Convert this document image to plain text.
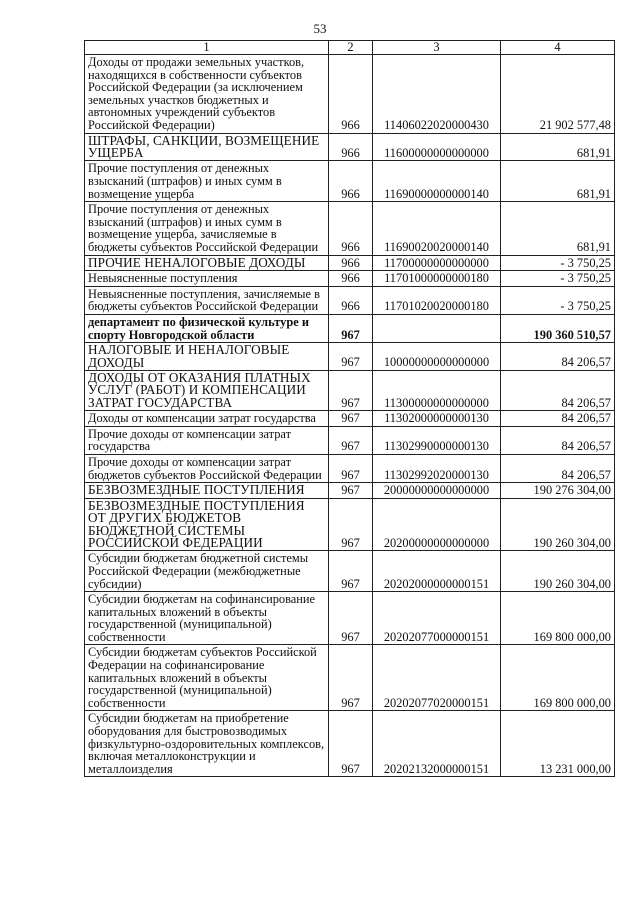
53
1	2	3	4
Доходы от продажи земельных участков, находящихся в собственности субъектов Российской Федерации (за исключением земельных участков бюджетных и автономных учреждений субъектов Российской Федерации)	966	11406022020000430	21 902 577,48
ШТРАФЫ, САНКЦИИ, ВОЗМЕЩЕНИЕ УЩЕРБА	966	11600000000000000	681,91
Прочие поступления от денежных взысканий (штрафов) и иных сумм в возмещение ущерба	966	11690000000000140	681,91
Прочие поступления от денежных взысканий (штрафов) и иных сумм в возмещение ущерба, зачисляемые в бюджеты субъектов Российской Федерации	966	11690020020000140	681,91
ПРОЧИЕ НЕНАЛОГОВЫЕ ДОХОДЫ	966	11700000000000000	- 3 750,25
Невыясненные поступления	966	11701000000000180	- 3 750,25
Невыясненные поступления, зачисляемые в бюджеты субъектов Российской Федерации	966	11701020020000180	- 3 750,25
департамент по физической культуре и спорту Новгородской области	967		190 360 510,57
НАЛОГОВЫЕ И НЕНАЛОГОВЫЕ ДОХОДЫ	967	10000000000000000	84 206,57
ДОХОДЫ ОТ ОКАЗАНИЯ ПЛАТНЫХ УСЛУГ (РАБОТ) И КОМПЕНСАЦИИ ЗАТРАТ ГОСУДАРСТВА	967	11300000000000000	84 206,57
Доходы от компенсации затрат государства	967	11302000000000130	84 206,57
Прочие доходы от компенсации затрат государства	967	11302990000000130	84 206,57
Прочие доходы от компенсации затрат бюджетов субъектов Российской Федерации	967	11302992020000130	84 206,57
БЕЗВОЗМЕЗДНЫЕ ПОСТУПЛЕНИЯ	967	20000000000000000	190 276 304,00
БЕЗВОЗМЕЗДНЫЕ ПОСТУПЛЕНИЯ ОТ ДРУГИХ БЮДЖЕТОВ БЮДЖЕТНОЙ СИСТЕМЫ РОССИЙСКОЙ ФЕДЕРАЦИИ	967	20200000000000000	190 260 304,00
Субсидии бюджетам бюджетной системы Российской Федерации (межбюджетные субсидии)	967	20202000000000151	190 260 304,00
Субсидии бюджетам на софинансирование капитальных вложений в объекты государственной (муниципальной) собственности	967	20202077000000151	169 800 000,00
Субсидии бюджетам субъектов Российской Федерации на софинансирование капитальных вложений в объекты государственной (муниципальной) собственности	967	20202077020000151	169 800 000,00
Субсидии бюджетам на приобретение оборудования для быстровозводимых физкультурно-оздоровительных комплексов, включая металлоконструкции и металлоизделия	967	20202132000000151	13 231 000,00
